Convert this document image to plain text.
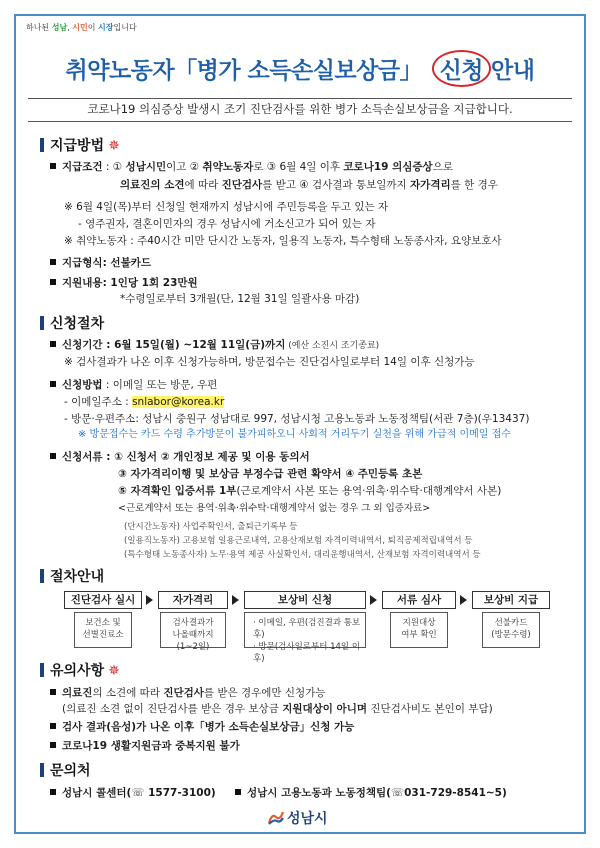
하나된 성남, 시민이 시장입니다
취약노동자「병가 소득손실보상금」 신청 안내
코로나19 의심증상 발생시 조기 진단검사를 위한 병가 소득손실보상금을 지급합니다.
지급방법 ✵
지급조건 : ① 성남시민이고 ② 취약노동자로 ③ 6월 4일 이후 코로나19 의심증상으로
의료진의 소견에 따라 진단검사를 받고 ④ 검사결과 통보일까지 자가격리를 한 경우
※ 6월 4일(목)부터 신청일 현재까지 성남시에 주민등록을 두고 있는 자
- 영주권자, 결혼이민자의 경우 성남시에 거소신고가 되어 있는 자
※ 취약노동자 : 주40시간 미만 단시간 노동자, 일용직 노동자, 특수형태 노동종사자, 요양보호사
지급형식: 선불카드
지원내용: 1인당 1회 23만원
*수령일로부터 3개월(단, 12월 31일 일괄사용 마감)
신청절차
신청기간 : 6월 15일(월) ~12월 11일(금)까지 (예산 소진시 조기종료)
※ 검사결과가 나온 이후 신청가능하며, 방문접수는 진단검사일로부터 14일 이후 신청가능
신청방법 : 이메일 또는 방문, 우편
- 이메일주소 : snlabor@korea.kr
- 방문·우편주소: 성남시 중원구 성남대로 997, 성남시청 고용노동과 노동정책팀(서관 7층)(우13437)
※ 방문접수는 카드 수령 추가방문이 불가피하오니 사회적 거리두기 실천을 위해 가급적 이메일 접수
신청서류 : ① 신청서 ② 개인정보 제공 및 이용 동의서
③ 자가격리이행 및 보상금 부정수급 관련 확약서 ④ 주민등록 초본
⑤ 자격확인 입증서류 1부(근로계약서 사본 또는 용역·위촉·위수탁·대행계약서 사본)
<근로계약서 또는 용역·위촉·위수탁·대행계약서 없는 경우 그 외 입증자료>
(단시간노동자) 사업주확인서, 출퇴근기록부 등
(일용직노동자) 고용보험 일용근로내역, 고용산재보험 자격이력내역서, 퇴직공제적립내역서 등
(특수형태 노동종사자) 노무·용역 제공 사실확인서, 대리운행내역서, 산재보험 자격이력내역서 등
절차안내
진단검사 실시	자가격리	보상비 신청	서류 심사	보상비 지급
보건소 및
선별진료소
검사결과가
나올때까지 (1~2일)
· 이메일, 우편(검진결과 통보 후)
· 방문(검사일로부터 14일 이후)
지원대상
여부 확인
선불카드
(방문수령)
유의사항 ✵
의료진의 소견에 따라 진단검사를 받은 경우에만 신청가능
(의료진 소견 없이 진단검사를 받은 경우 보상금 지원대상이 아니며 진단검사비도 본인이 부담)
검사 결과(음성)가 나온 이후「병가 소득손실보상금」신청 가능
코로나19 생활지원금과 중복지원 불가
문의처
성남시 콜센터(☏ 1577-3100)	성남시 고용노동과 노동정책팀(☏031-729-8541~5)
성남시
